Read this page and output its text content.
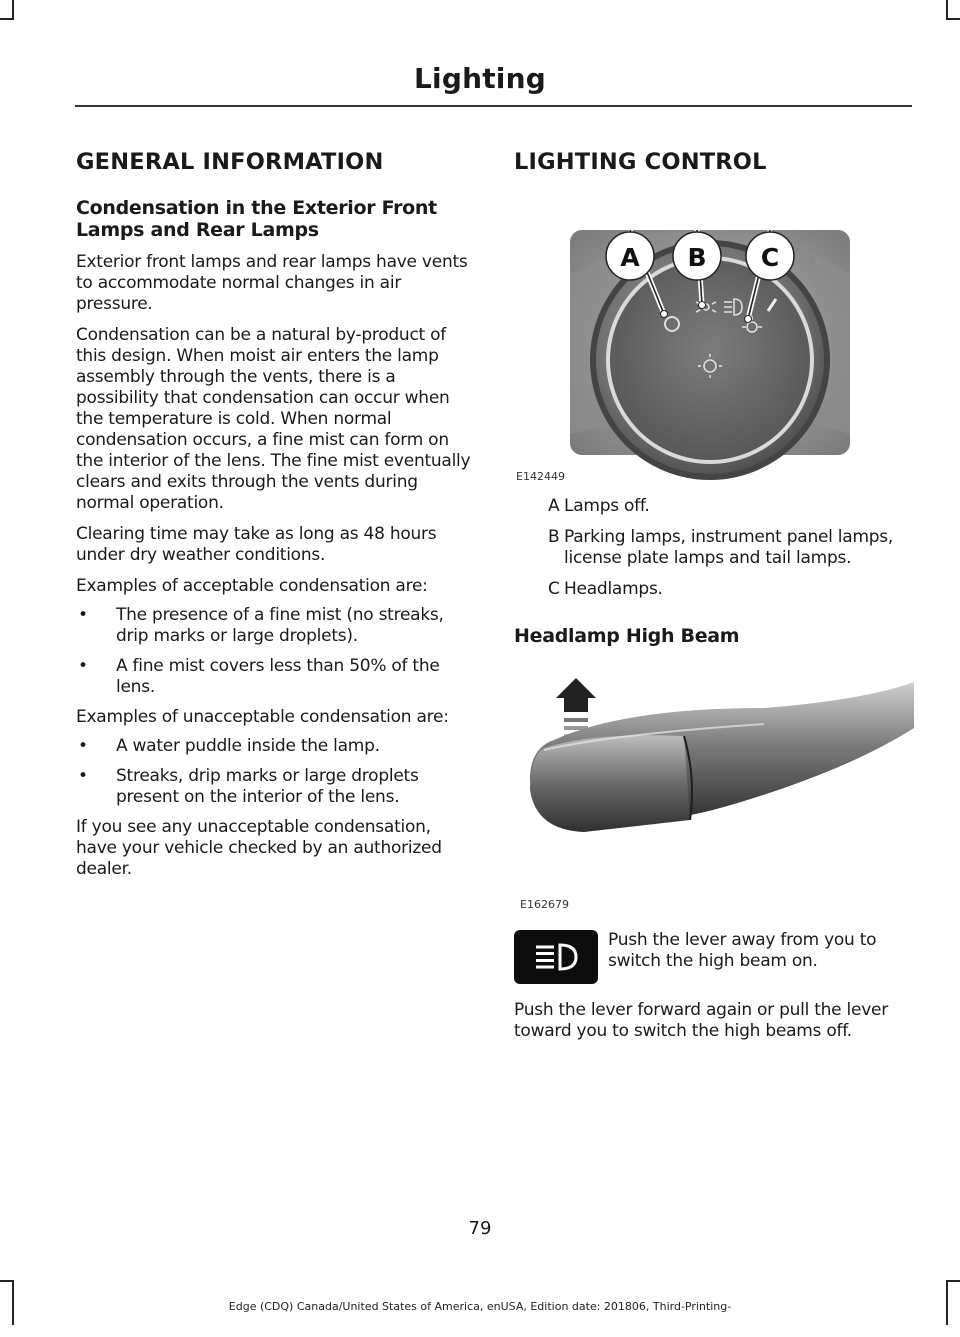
Lighting
GENERAL INFORMATION
Condensation in the Exterior Front Lamps and Rear Lamps

Exterior front lamps and rear lamps have vents to accommodate normal changes in air pressure.

Condensation can be a natural by-product of this design. When moist air enters the lamp assembly through the vents, there is a possibility that condensation can occur when the temperature is cold. When normal condensation occurs, a fine mist can form on the interior of the lens. The fine mist eventually clears and exits through the vents during normal operation.

Clearing time may take as long as 48 hours under dry weather conditions.

Examples of acceptable condensation are:

• The presence of a fine mist (no streaks, drip marks or large droplets).
• A fine mist covers less than 50% of the lens.

Examples of unacceptable condensation are:

• A water puddle inside the lamp.
• Streaks, drip marks or large droplets present on the interior of the lens.

If you see any unacceptable condensation, have your vehicle checked by an authorized dealer.

LIGHTING CONTROL
A B C
E142449
A Lamps off.
B Parking lamps, instrument panel lamps, license plate lamps and tail lamps.
C Headlamps.
Headlamp High Beam
E162679

Push the lever away from you to switch the high beam on.

Push the lever forward again or pull the lever toward you to switch the high beams off.

79
Edge (CDQ) Canada/United States of America, enUSA, Edition date: 201806, Third-Printing-
